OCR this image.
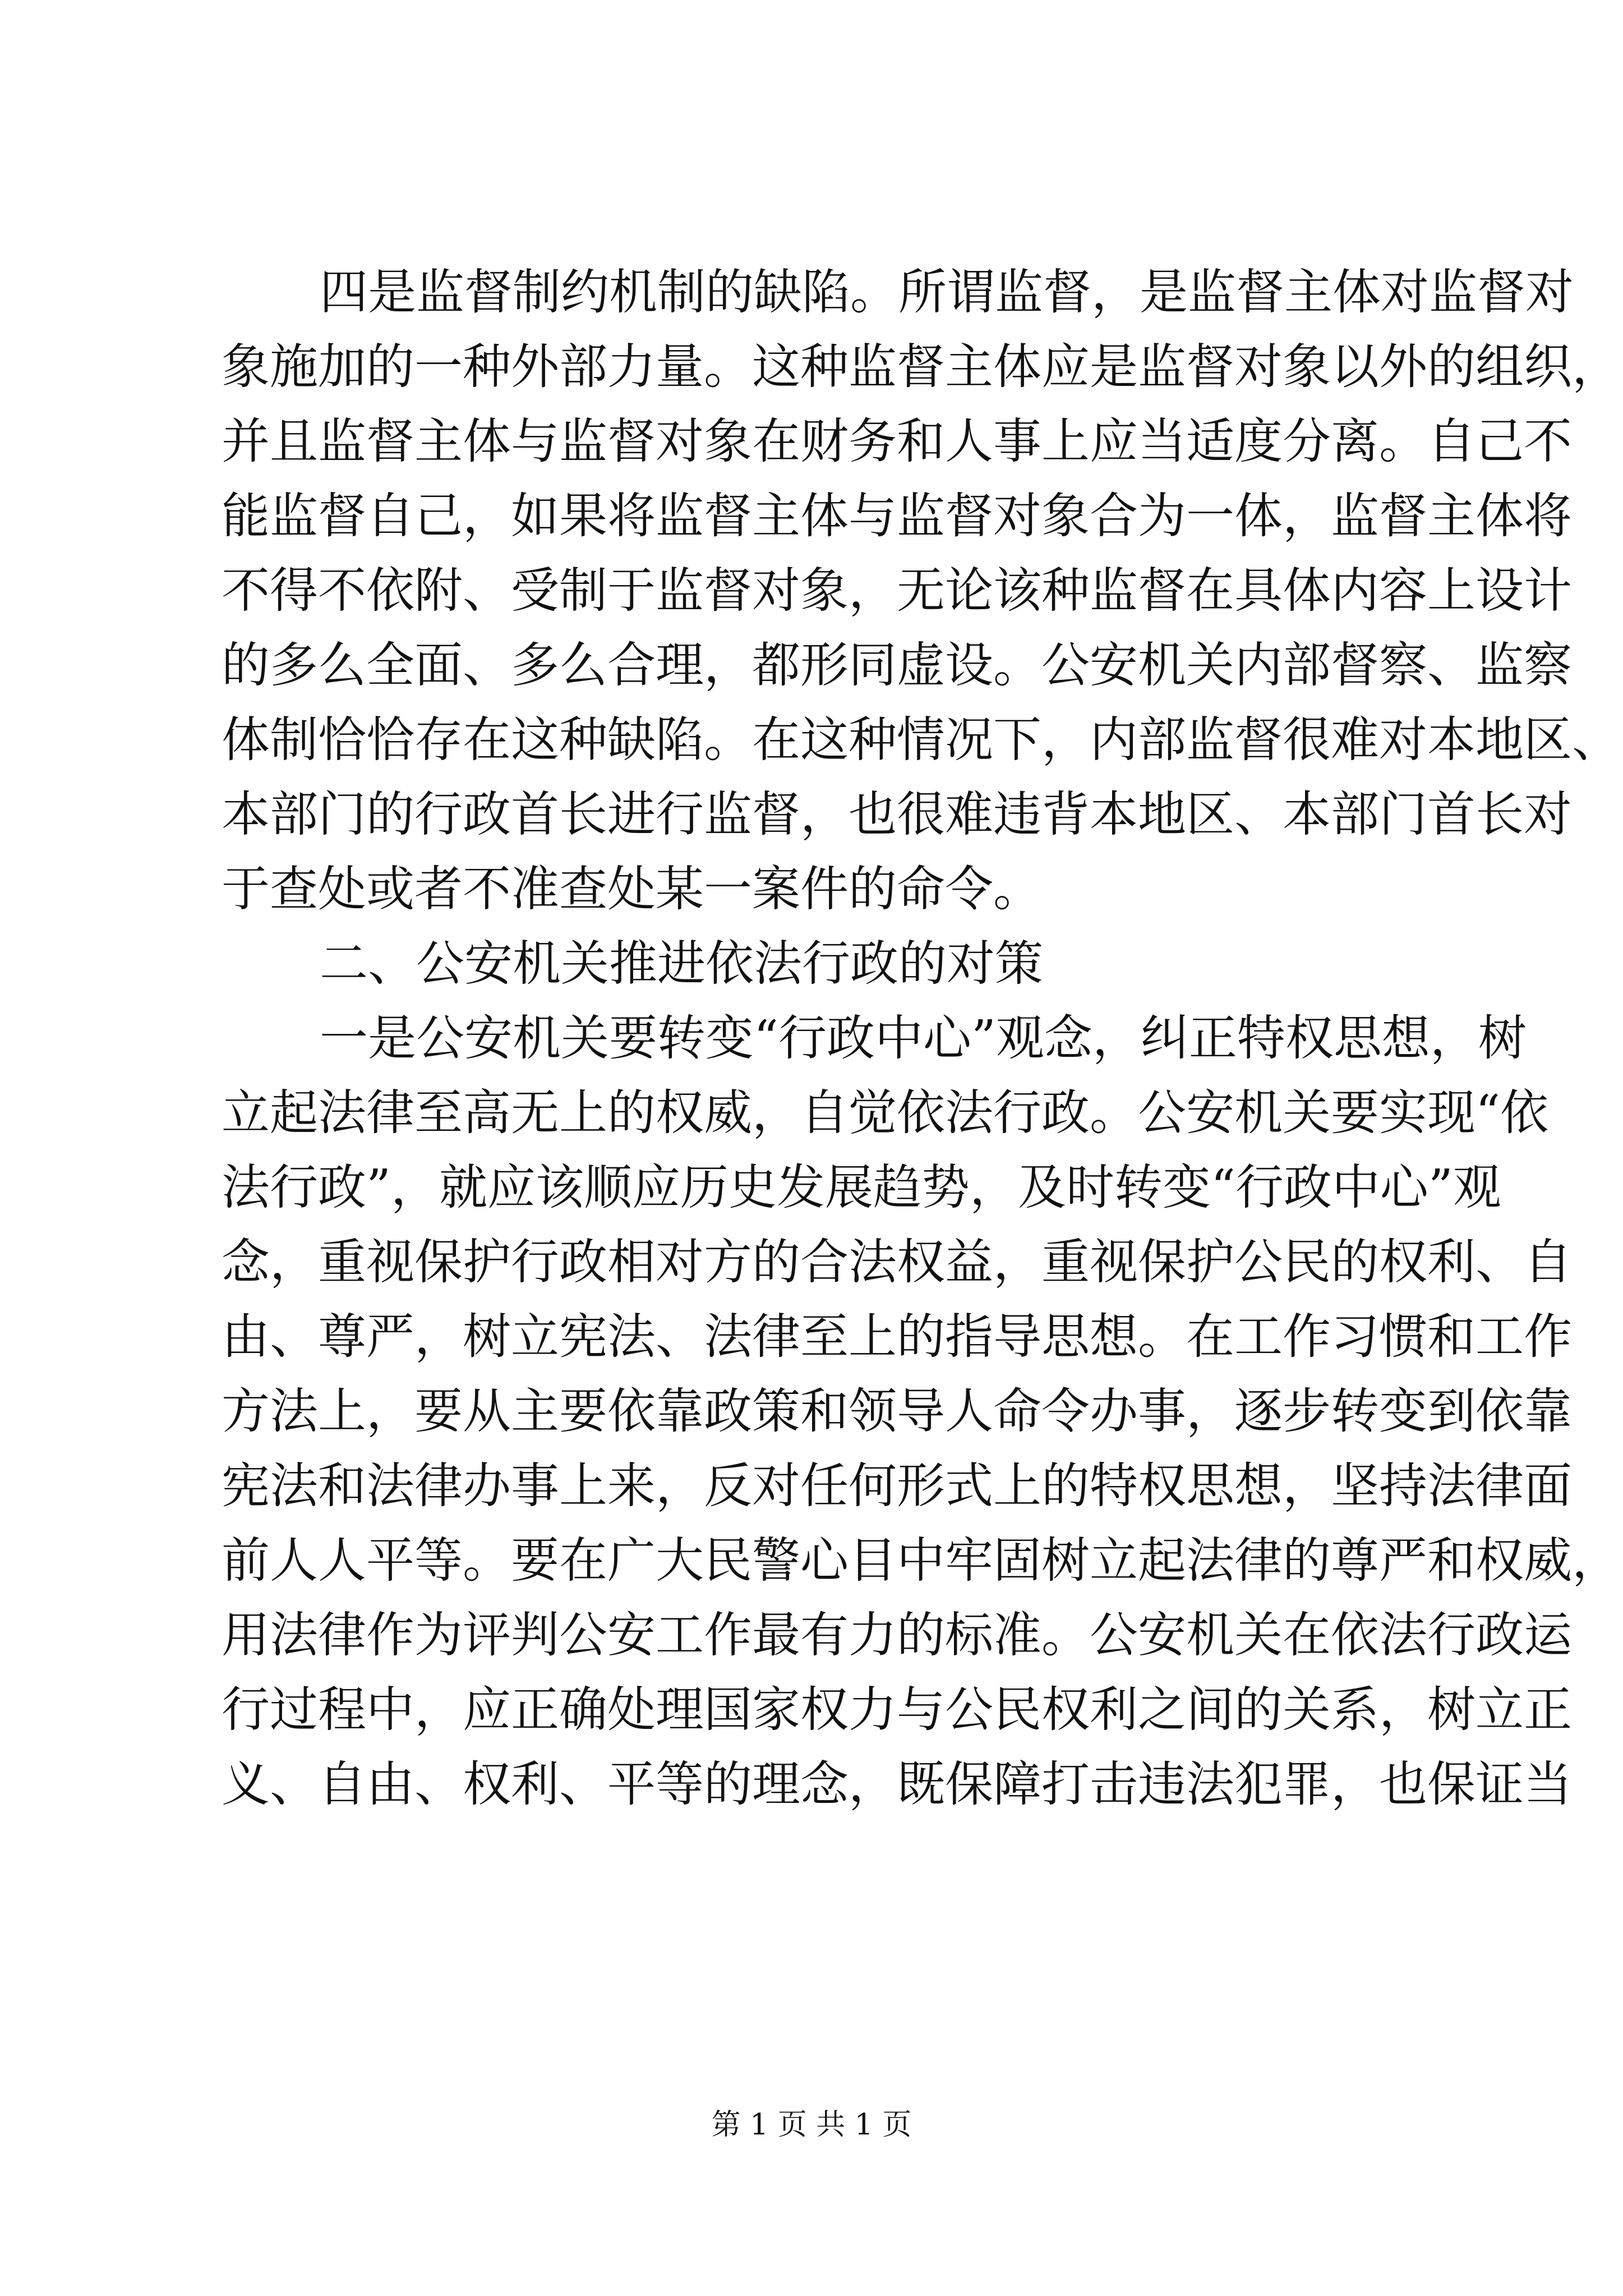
四是监督制约机制的缺陷。所谓监督，是监督主体对监督对
象施加的一种外部力量。这种监督主体应是监督对象以外的组织，
并且监督主体与监督对象在财务和人事上应当适度分离。自己不
能监督自己，如果将监督主体与监督对象合为一体，监督主体将
不得不依附、受制于监督对象，无论该种监督在具体内容上设计
的多么全面、多么合理，都形同虚设。公安机关内部督察、监察
体制恰恰存在这种缺陷。在这种情况下，内部监督很难对本地区、
本部门的行政首长进行监督，也很难违背本地区、本部门首长对
于查处或者不准查处某一案件的命令。
二、公安机关推进依法行政的对策
一是公安机关要转变“行政中心”观念，纠正特权思想，树
立起法律至高无上的权威，自觉依法行政。公安机关要实现“依
法行政”，就应该顺应历史发展趋势，及时转变“行政中心”观
念，重视保护行政相对方的合法权益，重视保护公民的权利、自
由、尊严，树立宪法、法律至上的指导思想。在工作习惯和工作
方法上，要从主要依靠政策和领导人命令办事，逐步转变到依靠
宪法和法律办事上来，反对任何形式上的特权思想，坚持法律面
前人人平等。要在广大民警心目中牢固树立起法律的尊严和权威，
用法律作为评判公安工作最有力的标准。公安机关在依法行政运
行过程中，应正确处理国家权力与公民权利之间的关系，树立正
义、自由、权利、平等的理念，既保障打击违法犯罪，也保证当
第 1 页 共 1 页
